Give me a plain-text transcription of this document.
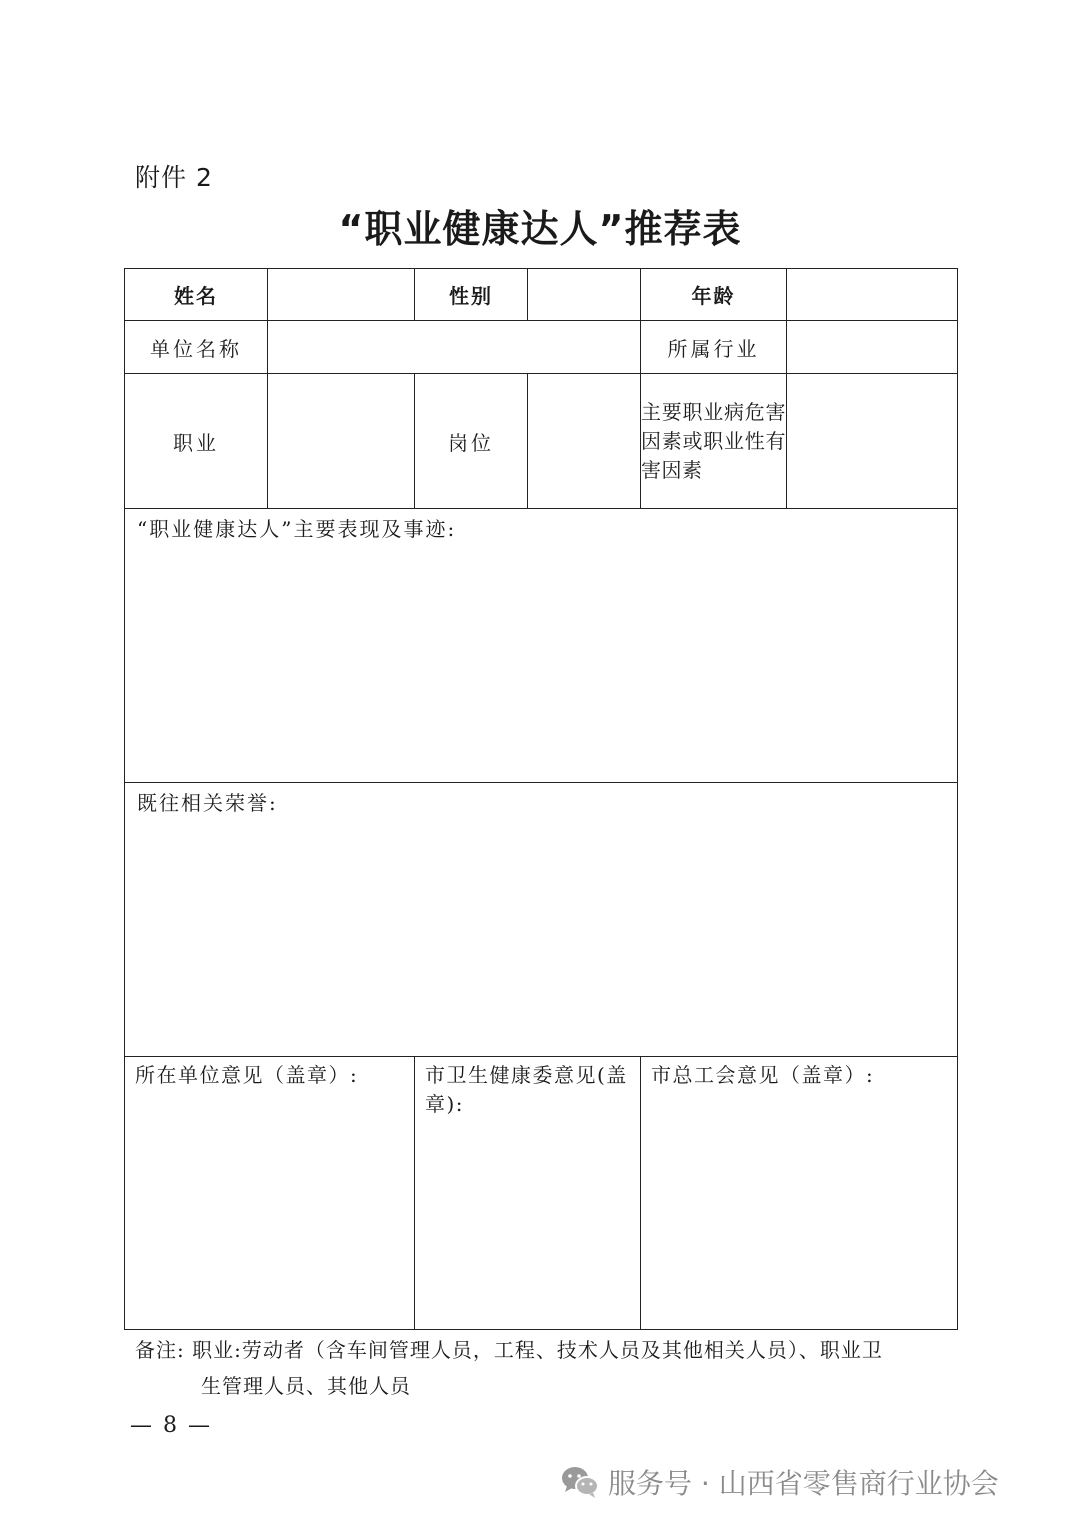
附件 2
“职业健康达人”推荐表
姓名		性别		年龄	
单位名称				所属行业	
职业		岗位		主要职业病危害因素或职业性有害因素	
“职业健康达人”主要表现及事迹:					
既往相关荣誉:					
所在单位意见（盖章）:		市卫生健康委意见(盖章):		市总工会意见（盖章）:	
备注: 职业:劳动者（含车间管理人员，工程、技术人员及其他相关人员）、职业卫
生管理人员、其他人员
— 8 —
服务号 · 山西省零售商行业协会
